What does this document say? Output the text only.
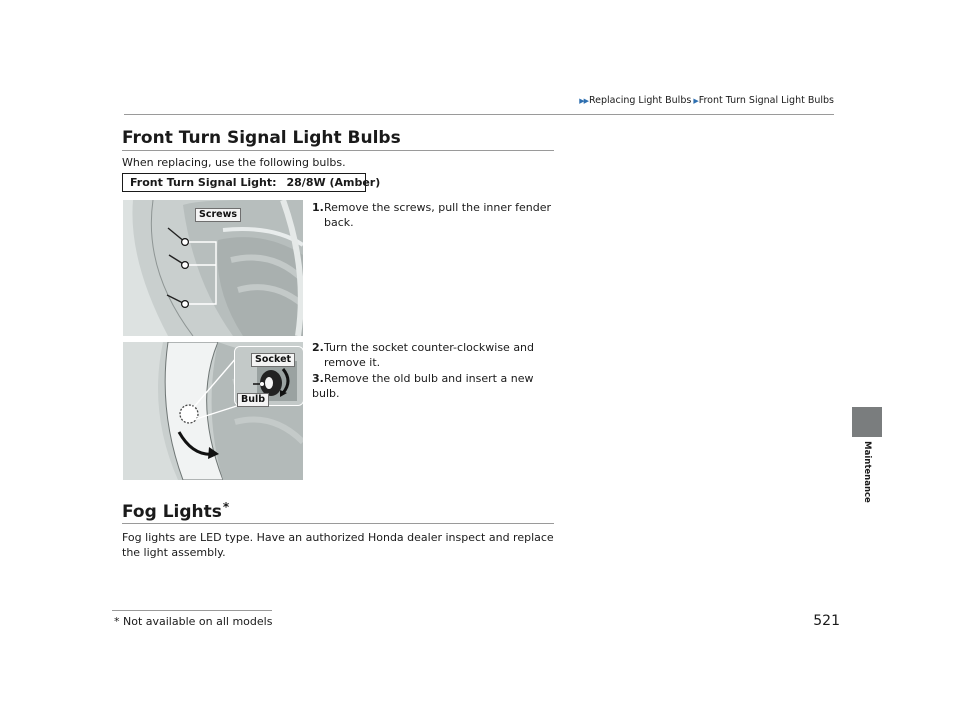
▶▶Replacing Light Bulbs ▶Front Turn Signal Light Bulbs
Front Turn Signal Light Bulbs
When replacing, use the following bulbs.
Front Turn Signal Light: 28/8W (Amber)
Screws
Socket
Bulb
1.Remove the screws, pull the inner fender
back.
2.Turn the socket counter-clockwise and
remove it.
3.Remove the old bulb and insert a new bulb.
Fog Lights*
Fog lights are LED type. Have an authorized Honda dealer inspect and replace the light assembly.
* Not available on all models	521
Maintenance
